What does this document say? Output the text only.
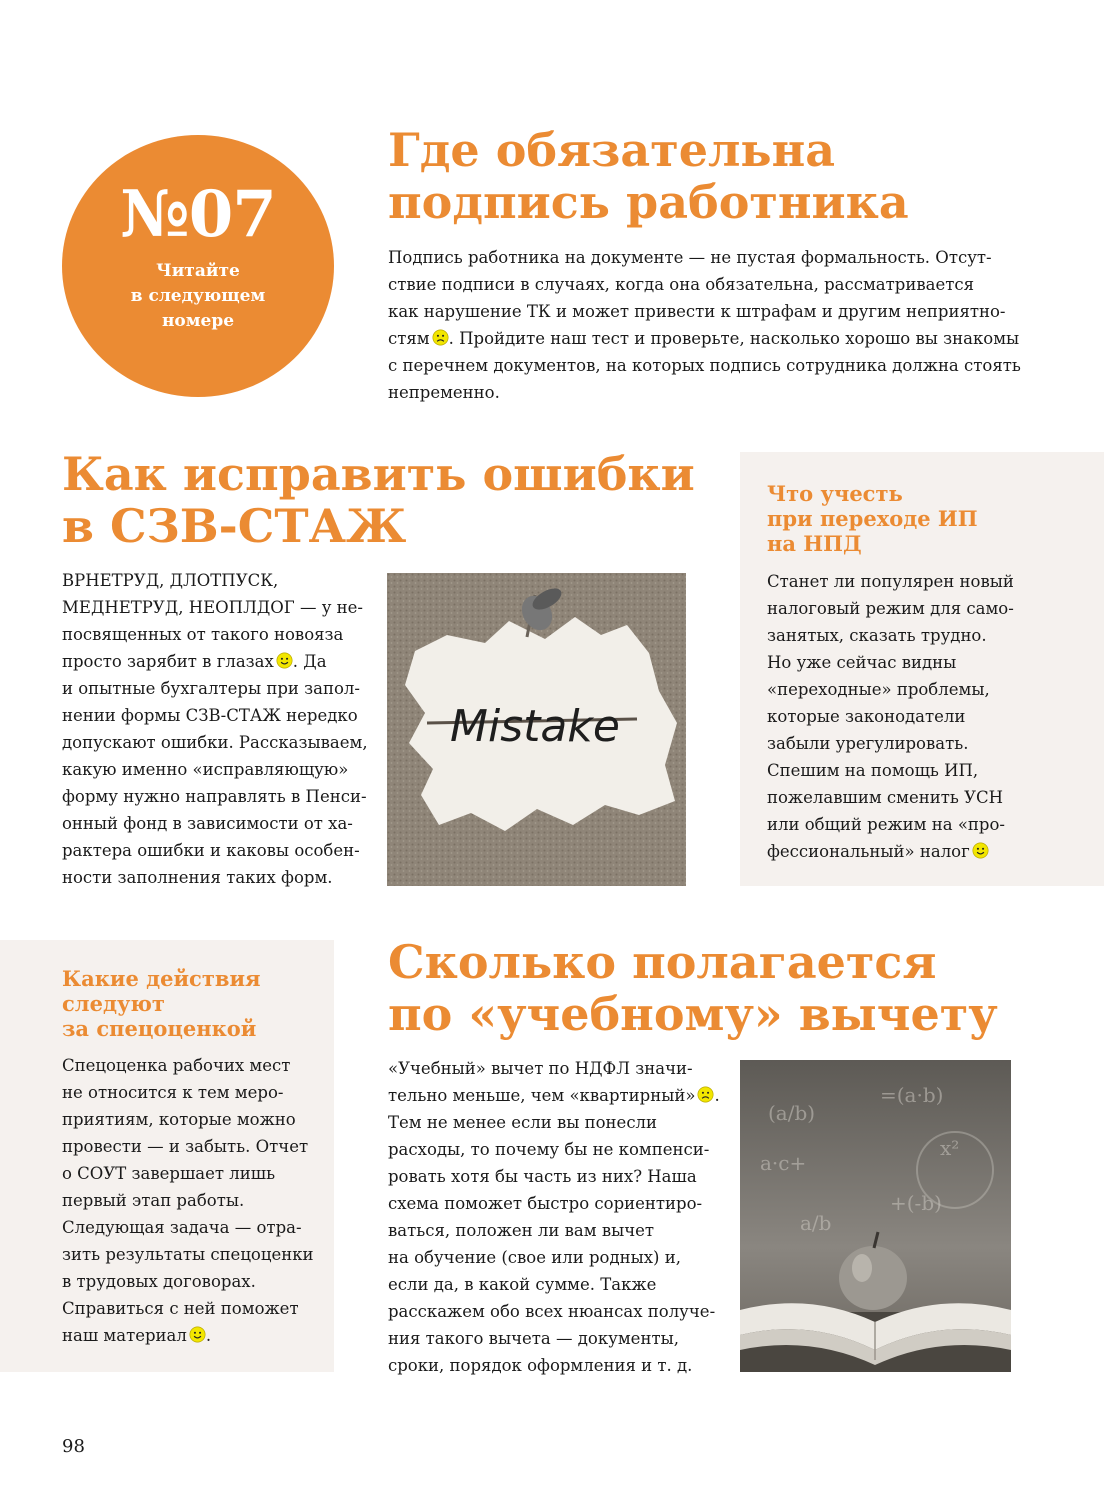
№07
Читайте
в следующем
номере
Где обязательна
подпись работника
Подпись работника на документе — не пустая формальность. Отсут-
ствие подписи в случаях, когда она обязательна, рассматривается
как нарушение ТК и может привести к штрафам и другим неприятно-
стям . Пройдите наш тест и проверьте, насколько хорошо вы знакомы
с перечнем документов, на которых подпись сотрудника должна стоять
непременно.
Как исправить ошибки
в СЗВ-СТАЖ
ВРНЕТРУД, ДЛОТПУСК,
МЕДНЕТРУД, НЕОПЛДОГ — у не-
посвященных от такого новояза
просто зарябит в глазах . Да
и опытные бухгалтеры при запол-
нении формы СЗВ-СТАЖ нередко
допускают ошибки. Рассказываем,
какую именно «исправляющую»
форму нужно направлять в Пенси-
онный фонд в зависимости от ха-
рактера ошибки и каковы особен-
ности заполнения таких форм.
Mistake
Что учесть
при переходе ИП
на НПД
Станет ли популярен новый
налоговый режим для само-
занятых, сказать трудно.
Но уже сейчас видны
«переходные» проблемы,
которые законодатели
забыли урегулировать.
Спешим на помощь ИП,
пожелавшим сменить УСН
или общий режим на «про-
фессиональный» налог
Какие действия
следуют
за спецоценкой
Спецоценка рабочих мест
не относится к тем меро-
приятиям, которые можно
провести — и забыть. Отчет
о СОУТ завершает лишь
первый этап работы.
Следующая задача — отра-
зить результаты спецоценки
в трудовых договорах.
Справиться с ней поможет
наш материал .
Сколько полагается
по «учебному» вычету
«Учебный» вычет по НДФЛ значи-
тельно меньше, чем «квартирный» .
Тем не менее если вы понесли
расходы, то почему бы не компенси-
ровать хотя бы часть из них? Наша
схема поможет быстро сориентиро-
ваться, положен ли вам вычет
на обучение (свое или родных) и,
если да, в какой сумме. Также
расскажем обо всех нюансах получе-
ния такого вычета — документы,
сроки, порядок оформления и т. д.
(a/b)
=(a·b)
a·c+
+(-b)
x²
a/b
98
